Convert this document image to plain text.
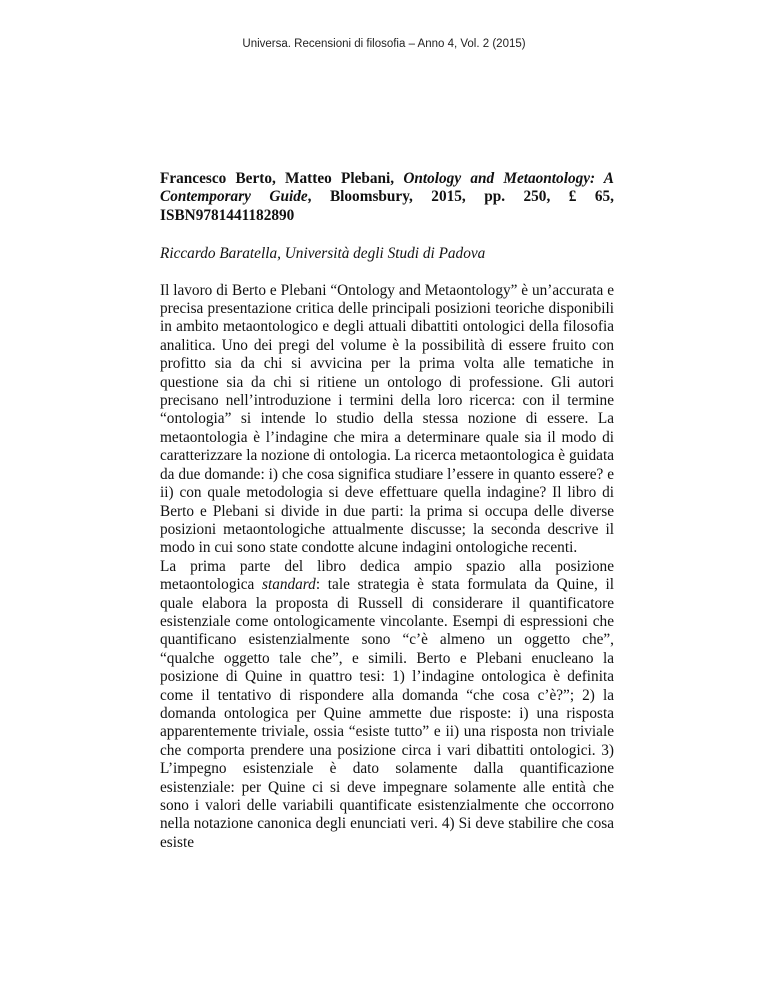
Universa. Recensioni di filosofia – Anno 4, Vol. 2 (2015)

Francesco Berto, Matteo Plebani, Ontology and Metaontology: A Contemporary Guide, Bloomsbury, 2015, pp. 250, £ 65, ISBN9781441182890

Riccardo Baratella, Università degli Studi di Padova

Il lavoro di Berto e Plebani “Ontology and Metaontology” è un’accurata e precisa presentazione critica delle principali posizioni teoriche disponibili in ambito metaontologico e degli attuali dibattiti ontologici della filosofia analitica. Uno dei pregi del volume è la possibilità di essere fruito con profitto sia da chi si avvicina per la prima volta alle tematiche in questione sia da chi si ritiene un ontologo di professione. Gli autori precisano nell’introduzione i termini della loro ricerca: con il termine “ontologia” si intende lo studio della stessa nozione di essere. La metaontologia è l’indagine che mira a determinare quale sia il modo di caratterizzare la nozione di ontologia. La ricerca metaontologica è guidata da due domande: i) che cosa significa studiare l’essere in quanto essere? e ii) con quale metodologia si deve effettuare quella indagine? Il libro di Berto e Plebani si divide in due parti: la prima si occupa delle diverse posizioni metaontologiche attualmente discusse; la seconda descrive il modo in cui sono state condotte alcune indagini ontologiche recenti.

La prima parte del libro dedica ampio spazio alla posizione metaontologica standard: tale strategia è stata formulata da Quine, il quale elabora la proposta di Russell di considerare il quantificatore esistenziale come ontologicamente vincolante. Esempi di espressioni che quantificano esistenzialmente sono “c’è almeno un oggetto che”, “qualche oggetto tale che”, e simili. Berto e Plebani enucleano la posizione di Quine in quattro tesi: 1) l’indagine ontologica è definita come il tentativo di rispondere alla domanda “che cosa c’è?”; 2) la domanda ontologica per Quine ammette due risposte: i) una risposta apparentemente triviale, ossia “esiste tutto” e ii) una risposta non triviale che comporta prendere una posizione circa i vari dibattiti ontologici. 3) L’impegno esistenziale è dato solamente dalla quantificazione esistenziale: per Quine ci si deve impegnare solamente alle entità che sono i valori delle variabili quantificate esistenzialmente che occorrono nella notazione canonica degli enunciati veri. 4) Si deve stabilire che cosa esiste
